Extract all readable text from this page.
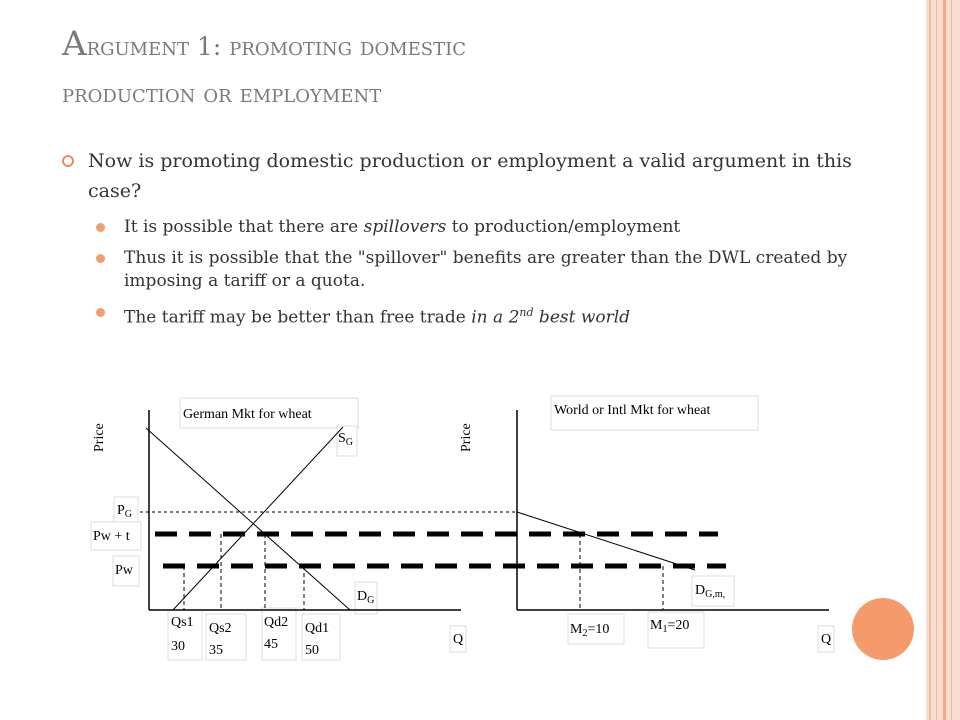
Argument 1: promoting domestic
production or employment
Now is promoting domestic production or employment a valid argument in this case?
It is possible that there are spillovers to production/employment
Thus it is possible that the "spillover" benefits are greater than the DWL created by imposing a tariff or a quota.
The tariff may be better than free trade in a 2nd best world
German Mkt for wheat	World or Intl Mkt for wheat
Price	Price
$S_G$
$D_G$
$P_G$
Pw + t
Pw
Qs1
30
Qs2
35
Qd2
45
Qd1
50
Q	Q
$M_2=10$	$M_1=20$
$D_{G,m,}$
